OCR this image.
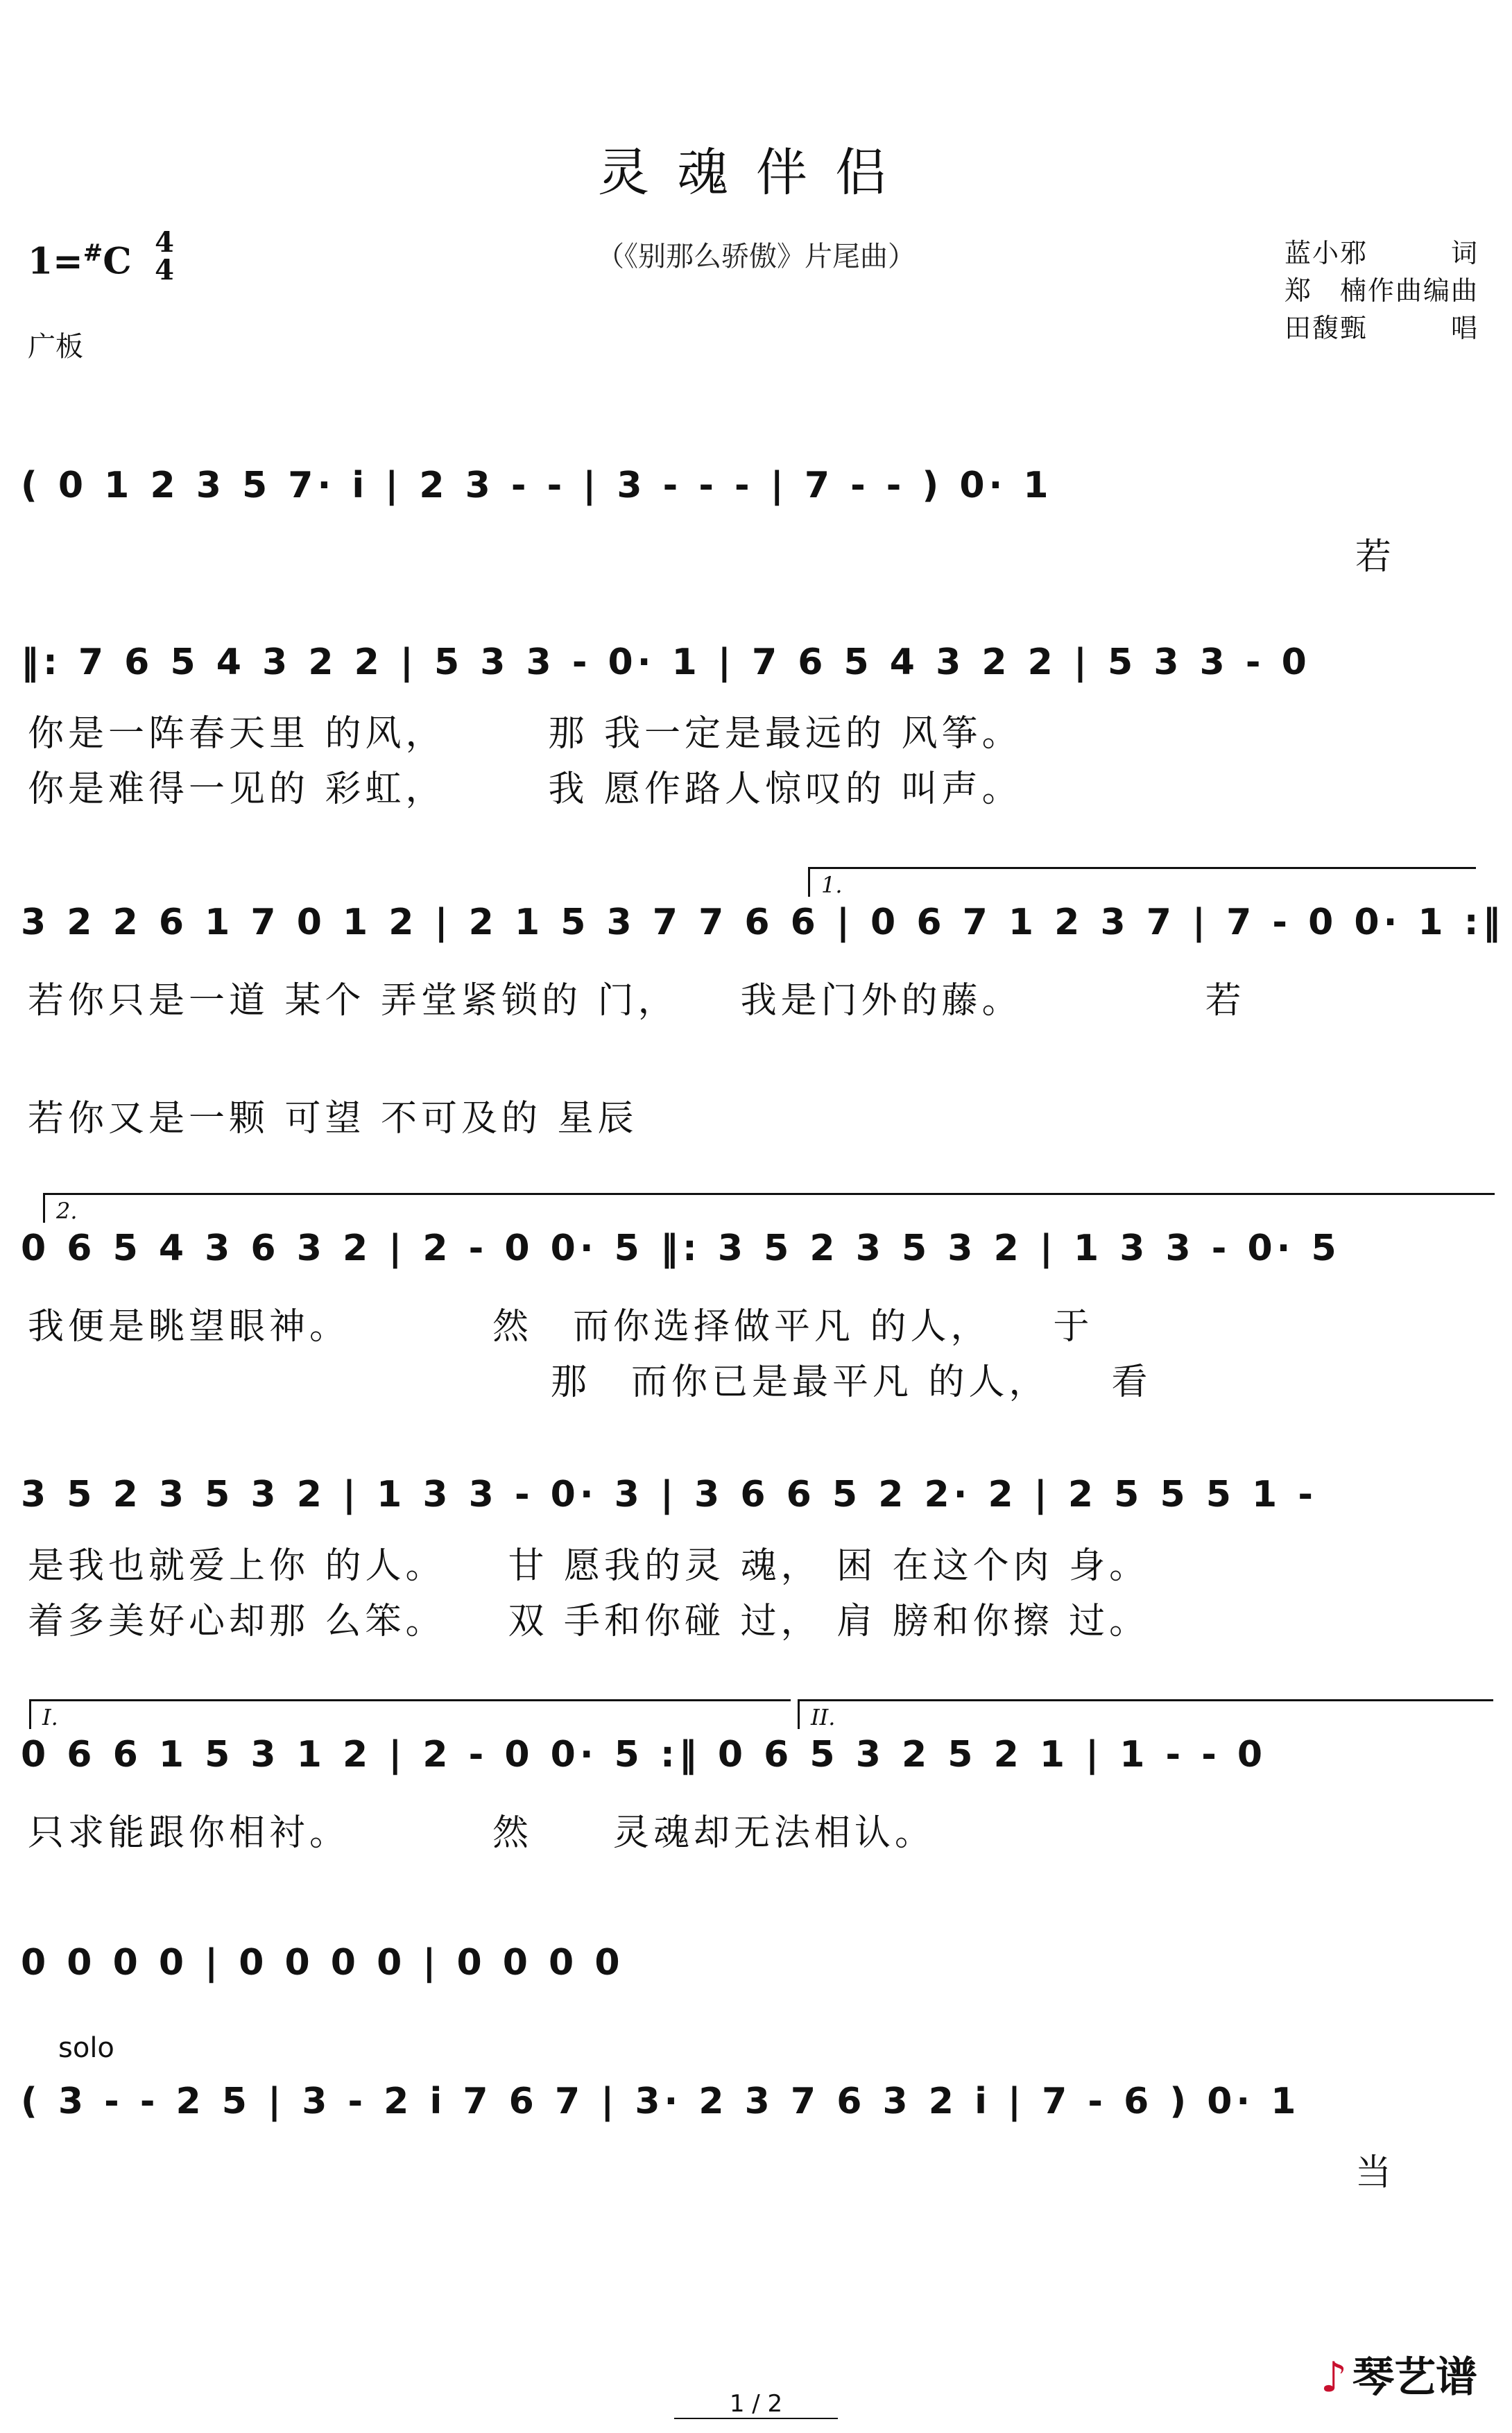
灵魂伴侣
（《别那么骄傲》片尾曲）
1=#C 4
4
广板
蓝小邪　　　词
郑　楠作曲编曲
田馥甄　　　唱
( 0 1 2 3 5 7· i | 2 3 - - | 3 - - - | 7 - - ) 0· 1
　　　　　　　　　　　　　　　　　　　　　　　　　　　　　　　　　若
‖: 7 6 5 4 3 2 2 | 5 3 3 - 0· 1 | 7 6 5 4 3 2 2 | 5 3 3 - 0
你是一阵春天里 的风，　　　那 我一定是最远的 风筝。
你是难得一见的 彩虹，　　　我 愿作路人惊叹的 叫声。
1.
3 2 2 6 1 7 0 1 2 | 2 1 5 3 7 7 6 6 | 0 6 7 1 2 3 7 | 7 - 0 0· 1 :‖
若你只是一道 某个 弄堂紧锁的 门，　　我是门外的藤。　　　　　若
若你又是一颗 可望 不可及的 星辰
2.
0 6 5 4 3 6 3 2 | 2 - 0 0· 5 ‖: 3 5 2 3 5 3 2 | 1 3 3 - 0· 5
我便是眺望眼神。　　　　然　而你选择做平凡 的人，　　于
　　　　　　　　　　　　　那　而你已是最平凡 的人，　　看
3 5 2 3 5 3 2 | 1 3 3 - 0· 3 | 3 6 6 5 2 2· 2 | 2 5 5 5 1 -
是我也就爱上你 的人。　　甘 愿我的灵 魂， 困 在这个肉 身。
着多美好心却那 么笨。　　双 手和你碰 过， 肩 膀和你擦 过。
I.	II.
0 6 6 1 5 3 1 2 | 2 - 0 0· 5 :‖ 0 6 5 3 2 5 2 1 | 1 - - 0
只求能跟你相衬。　　　　然　　灵魂却无法相认。
0 0 0 0 | 0 0 0 0 | 0 0 0 0
solo
( 3 - - 2 5 | 3 - 2 i 7 6 7 | 3· 2 3 7 6 3 2 i | 7 - 6 ) 0· 1
　　　　　　　　　　　　　　　　　　　　　　　　　　　　　　　　　当
♪ 琴艺谱
1 / 2
